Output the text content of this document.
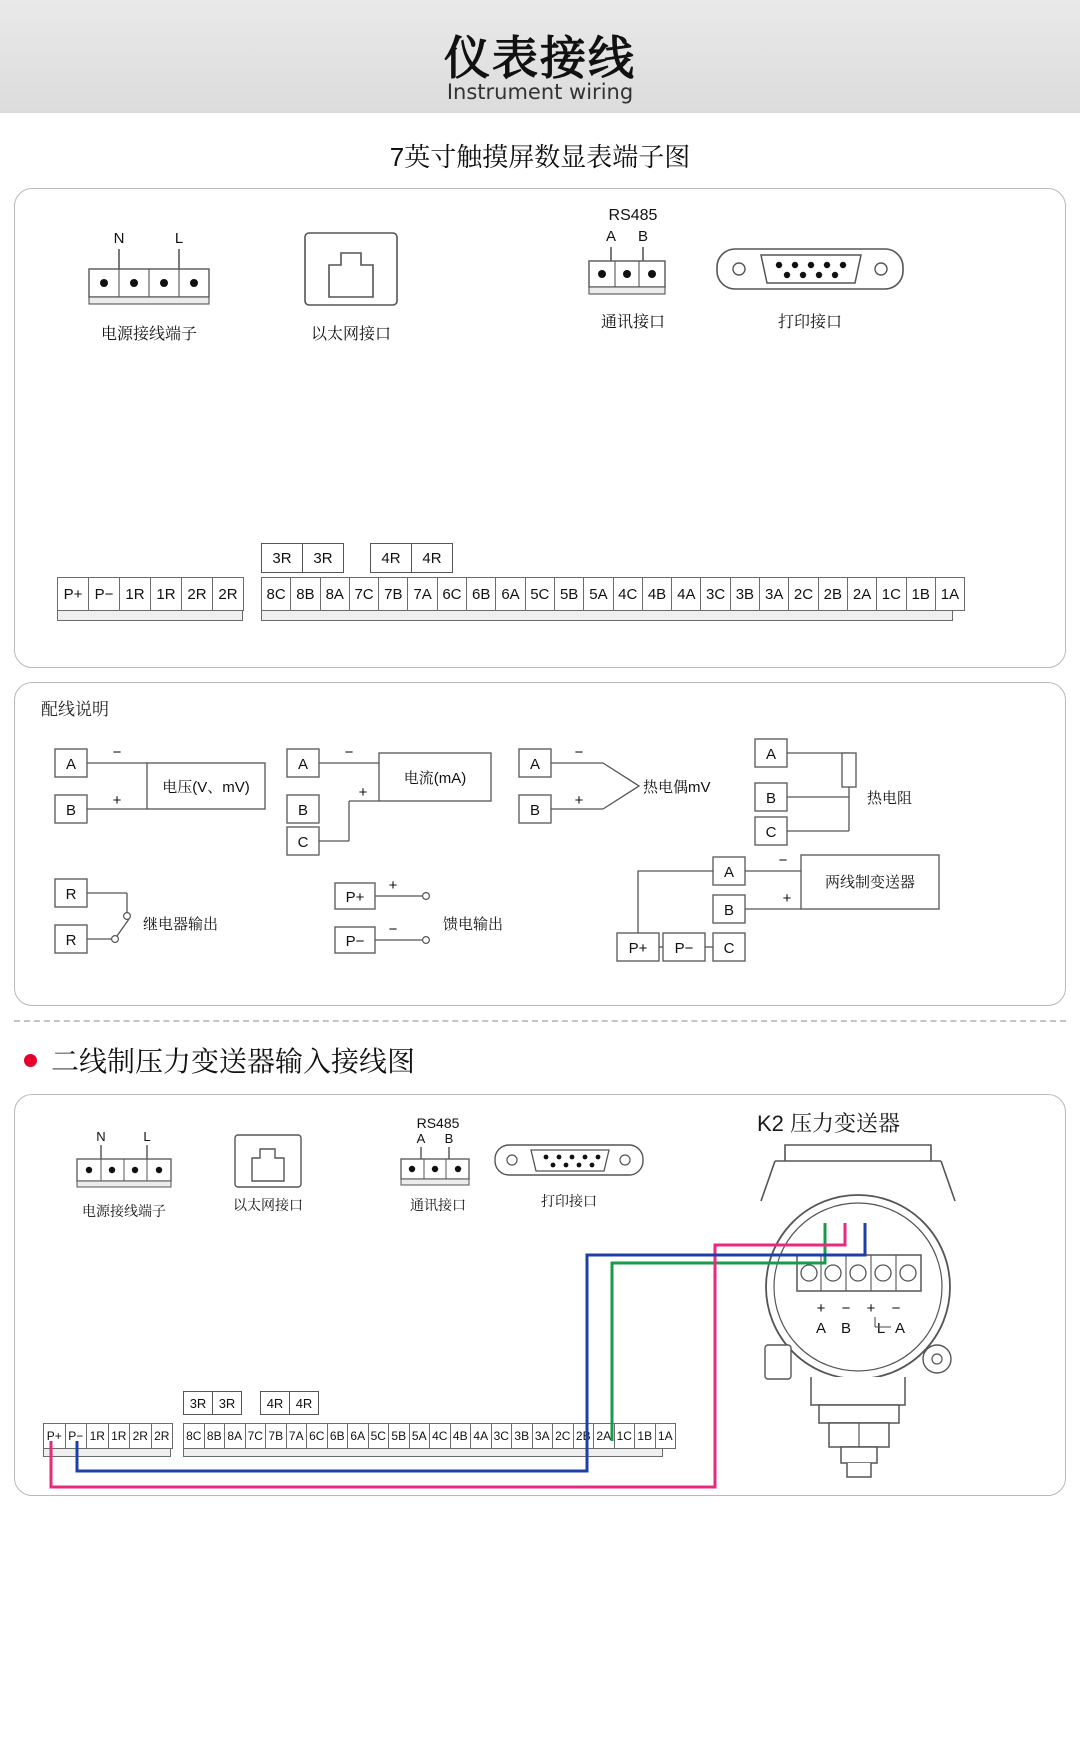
仪表接线
Instrument wiring
7英寸触摸屏数显表端子图
N	L
电源接线端子	以太网接口
RS485
A B
通讯接口	打印接口
P+ P− 1R 1R 2R 2R
3R	3R	4R	4R
8C 8B 8A 7C 7B 7A 6C 6B 6A 5C 5B 5A 4C 4B 4A 3C 3B 3A 2C 2B 2A 1C 1B 1A
配线说明
A
B
−
+
电压(V、mV)
A
B
C
−
+
电流(mA)
A
B
−
+
热电偶mV
A
B
C
热电阻
R
R
继电器输出
P+
P−
+
−	馈电输出
A
B
C
P+ P−
−
+
两线制变送器
二线制压力变送器输入接线图
K2 压力变送器
N	L
电源接线端子	以太网接口
RS485
A B
通讯接口	打印接口
+ − + −
A B L A
3R 3R	4R 4R
P+ P− 1R 1R 2R 2R 8C 8B 8A 7C 7B 7A 6C 6B 6A 5C 5B 5A 4C 4B 4A 3C 3B 3A 2C 2B 2A 1C 1B 1A
